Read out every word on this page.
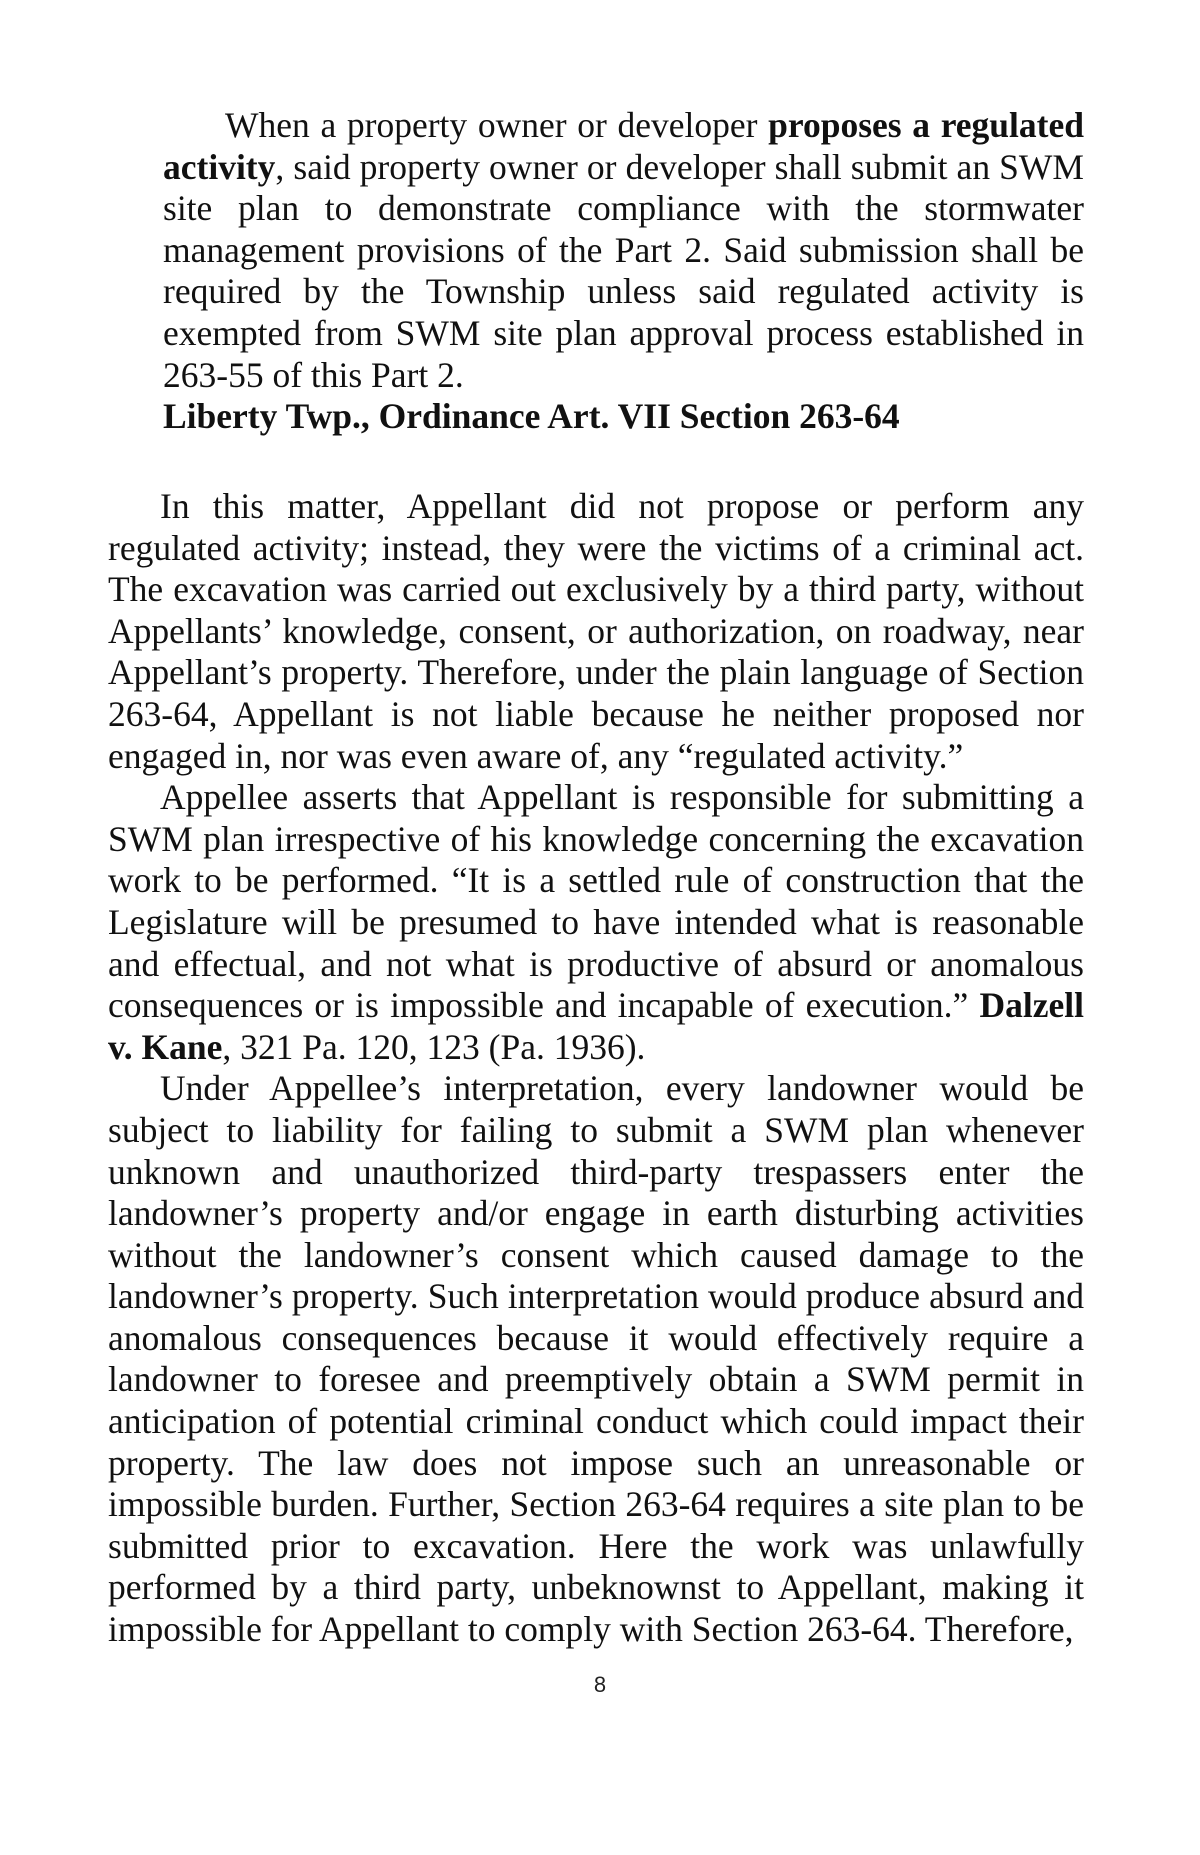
When a property owner or developer proposes a regulated activity, said property owner or developer shall submit an SWM site plan to demonstrate compliance with the stormwater management provisions of the Part 2. Said submission shall be required by the Township unless said regulated activity is exempted from SWM site plan approval process established in 263-55 of this Part 2.

Liberty Twp., Ordinance Art. VII Section 263-64

In this matter, Appellant did not propose or perform any regulated activity; instead, they were the victims of a criminal act. The excavation was carried out exclusively by a third party, without Appellants’ knowledge, consent, or authorization, on roadway, near Appellant’s property. Therefore, under the plain language of Section 263-64, Appellant is not liable because he neither proposed nor engaged in, nor was even aware of, any “regulated activity.”

Appellee asserts that Appellant is responsible for submitting a SWM plan irrespective of his knowledge concerning the excavation work to be performed. “It is a settled rule of construction that the Legislature will be presumed to have intended what is reasonable and effectual, and not what is productive of absurd or anomalous consequences or is impossible and incapable of execution.” Dalzell v. Kane, 321 Pa. 120, 123 (Pa. 1936).

Under Appellee’s interpretation, every landowner would be subject to liability for failing to submit a SWM plan whenever unknown and unauthorized third-party trespassers enter the landowner’s property and/or engage in earth disturbing activities without the landowner’s consent which caused damage to the landowner’s property. Such interpretation would produce absurd and anomalous consequences because it would effectively require a landowner to foresee and preemptively obtain a SWM permit in anticipation of potential criminal conduct which could impact their property. The law does not impose such an unreasonable or impossible burden. Further, Section 263-64 requires a site plan to be submitted prior to excavation. Here the work was unlawfully performed by a third party, unbeknownst to Appellant, making it impossible for Appellant to comply with Section 263-64. Therefore,

8
